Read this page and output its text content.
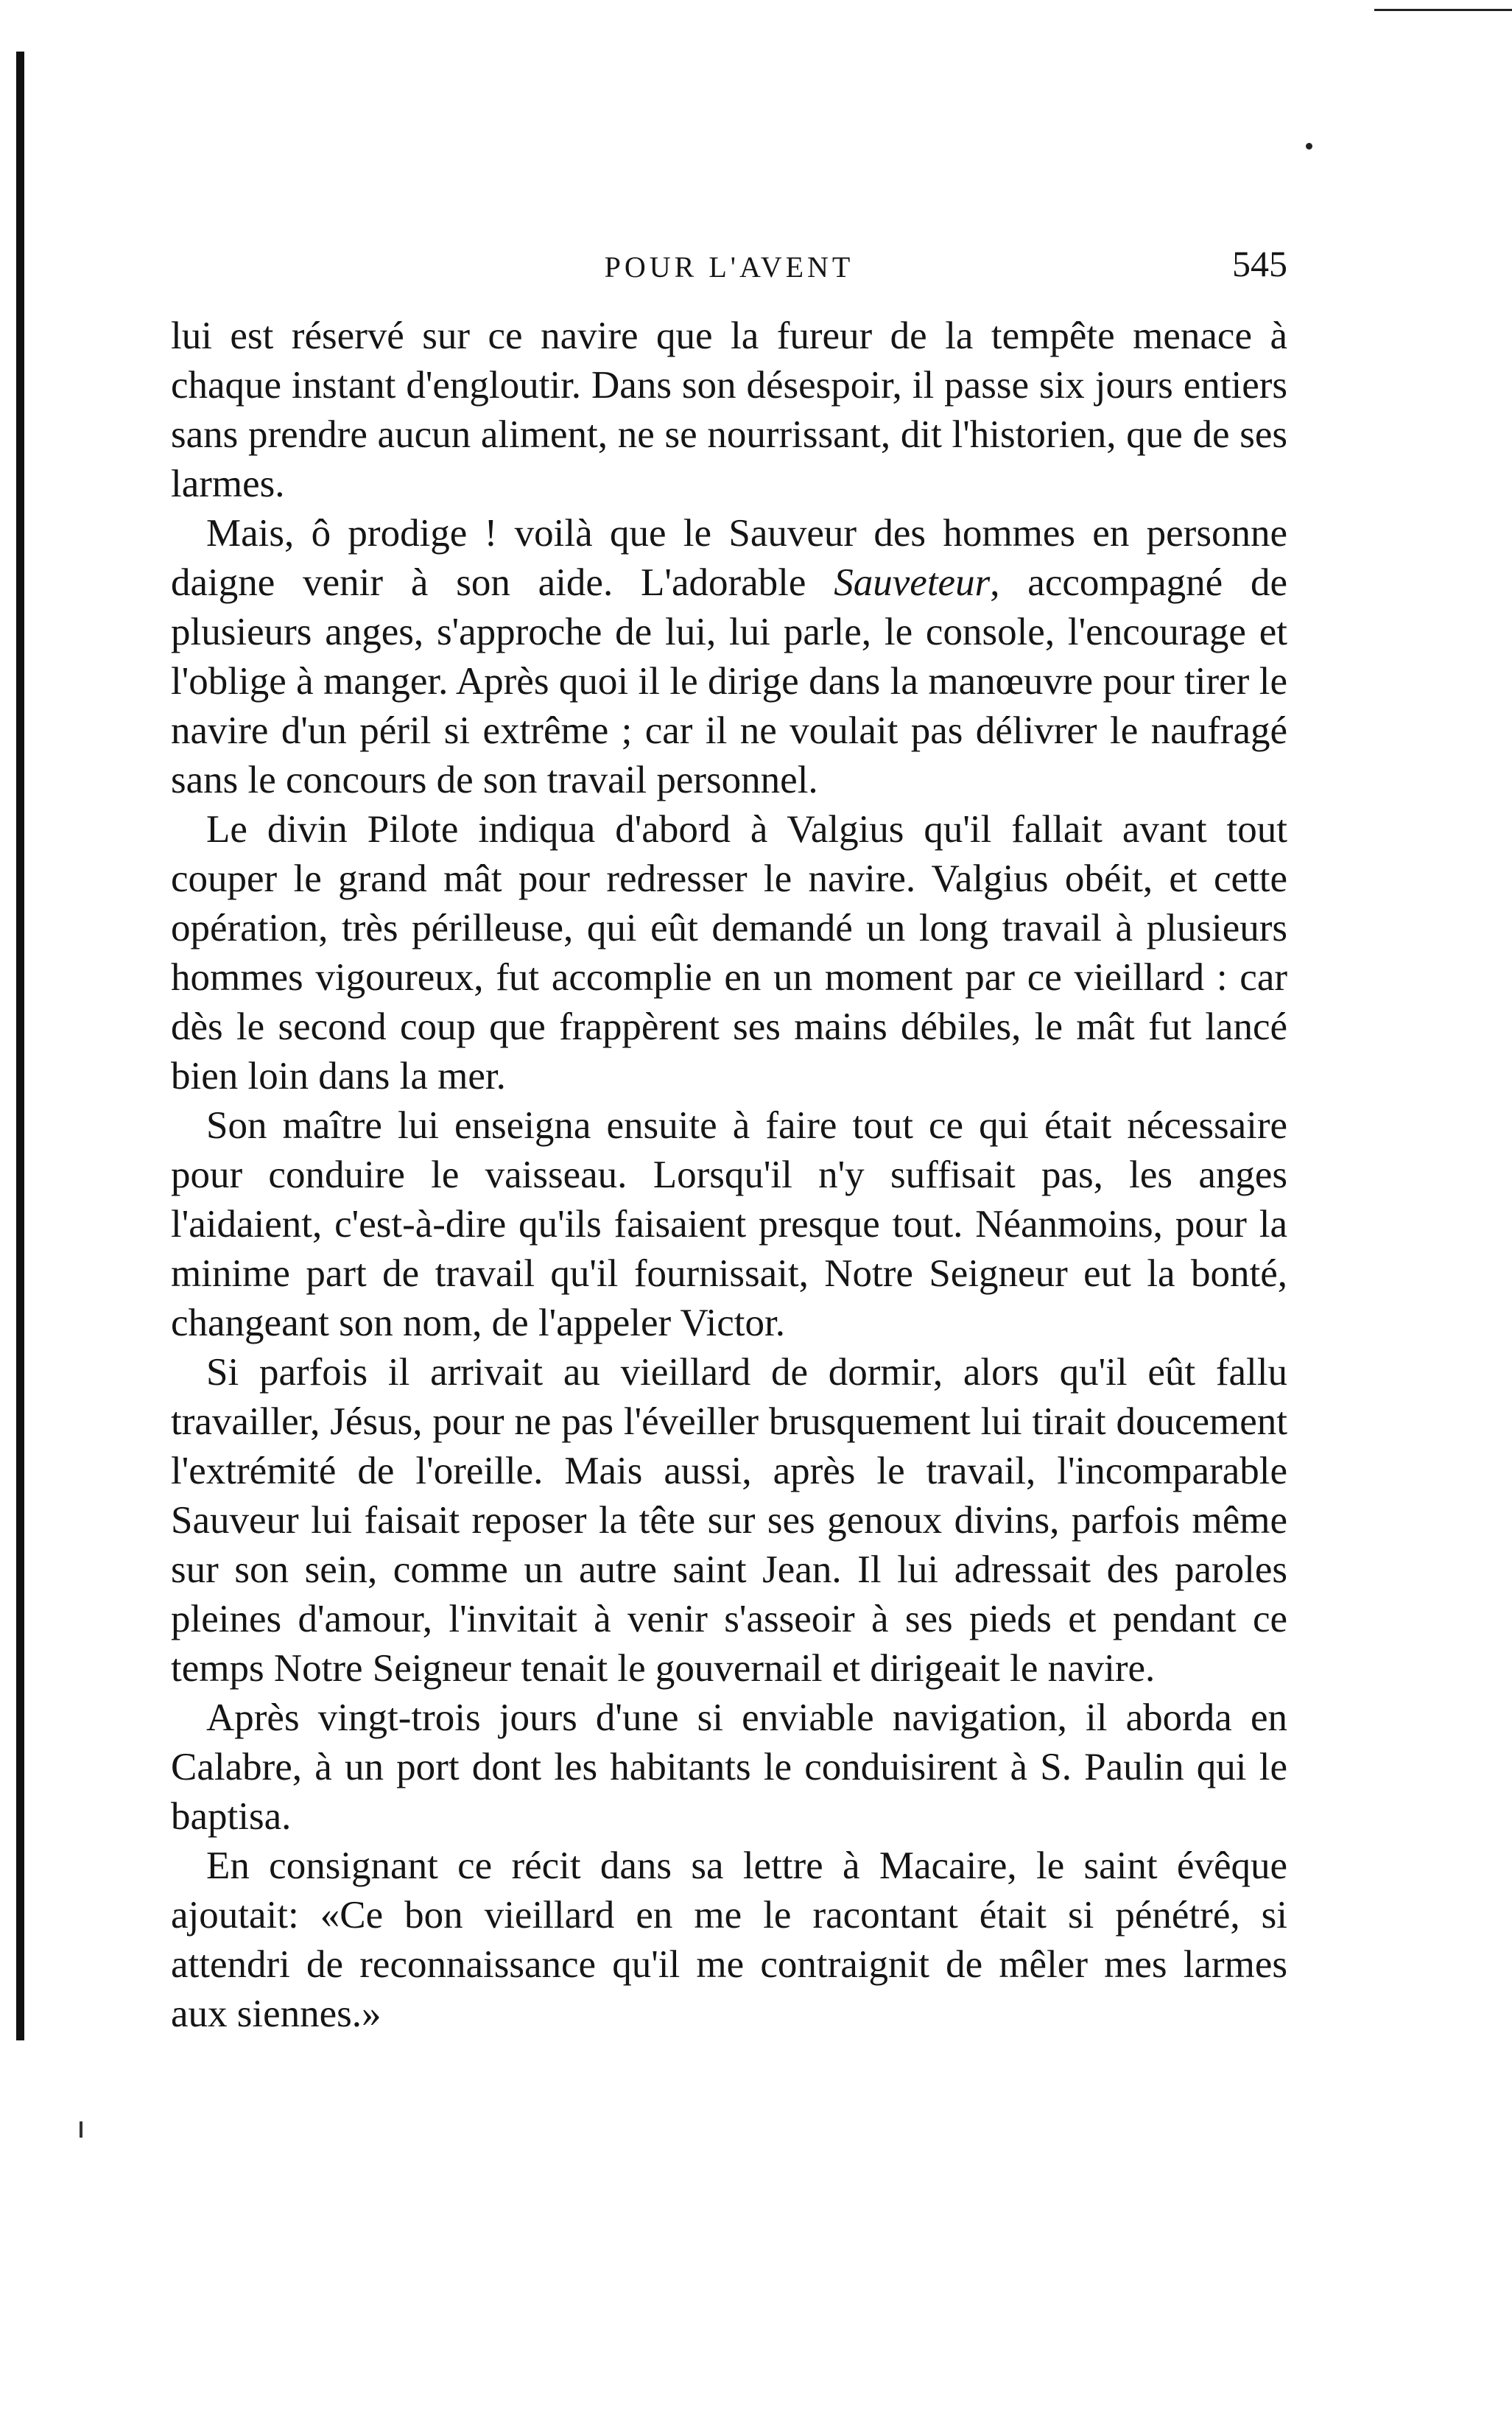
POUR L'AVENT	545

lui est réservé sur ce navire que la fureur de la tempête menace à chaque instant d'engloutir. Dans son désespoir, il passe six jours entiers sans prendre aucun aliment, ne se nourrissant, dit l'historien, que de ses larmes.

Mais, ô prodige ! voilà que le Sauveur des hommes en personne daigne venir à son aide. L'adorable Sauveteur, accompagné de plusieurs anges, s'approche de lui, lui parle, le console, l'encourage et l'oblige à manger. Après quoi il le dirige dans la manœuvre pour tirer le navire d'un péril si extrême ; car il ne voulait pas délivrer le naufragé sans le concours de son travail personnel.

Le divin Pilote indiqua d'abord à Valgius qu'il fallait avant tout couper le grand mât pour redresser le navire. Valgius obéit, et cette opération, très périlleuse, qui eût demandé un long travail à plusieurs hommes vigoureux, fut accomplie en un moment par ce vieillard : car dès le second coup que frappèrent ses mains débiles, le mât fut lancé bien loin dans la mer.

Son maître lui enseigna ensuite à faire tout ce qui était nécessaire pour conduire le vaisseau. Lorsqu'il n'y suffisait pas, les anges l'aidaient, c'est-à-dire qu'ils faisaient presque tout. Néanmoins, pour la minime part de travail qu'il fournissait, Notre Seigneur eut la bonté, changeant son nom, de l'appeler Victor.

Si parfois il arrivait au vieillard de dormir, alors qu'il eût fallu travailler, Jésus, pour ne pas l'éveiller brusquement lui tirait doucement l'extrémité de l'oreille. Mais aussi, après le travail, l'incomparable Sauveur lui faisait reposer la tête sur ses genoux divins, parfois même sur son sein, comme un autre saint Jean. Il lui adressait des paroles pleines d'amour, l'invitait à venir s'asseoir à ses pieds et pendant ce temps Notre Seigneur tenait le gouvernail et dirigeait le navire.

Après vingt-trois jours d'une si enviable navigation, il aborda en Calabre, à un port dont les habitants le conduisirent à S. Paulin qui le baptisa.

En consignant ce récit dans sa lettre à Macaire, le saint évêque ajoutait: «Ce bon vieillard en me le racontant était si pénétré, si attendri de reconnaissance qu'il me contraignit de mêler mes larmes aux siennes.»
